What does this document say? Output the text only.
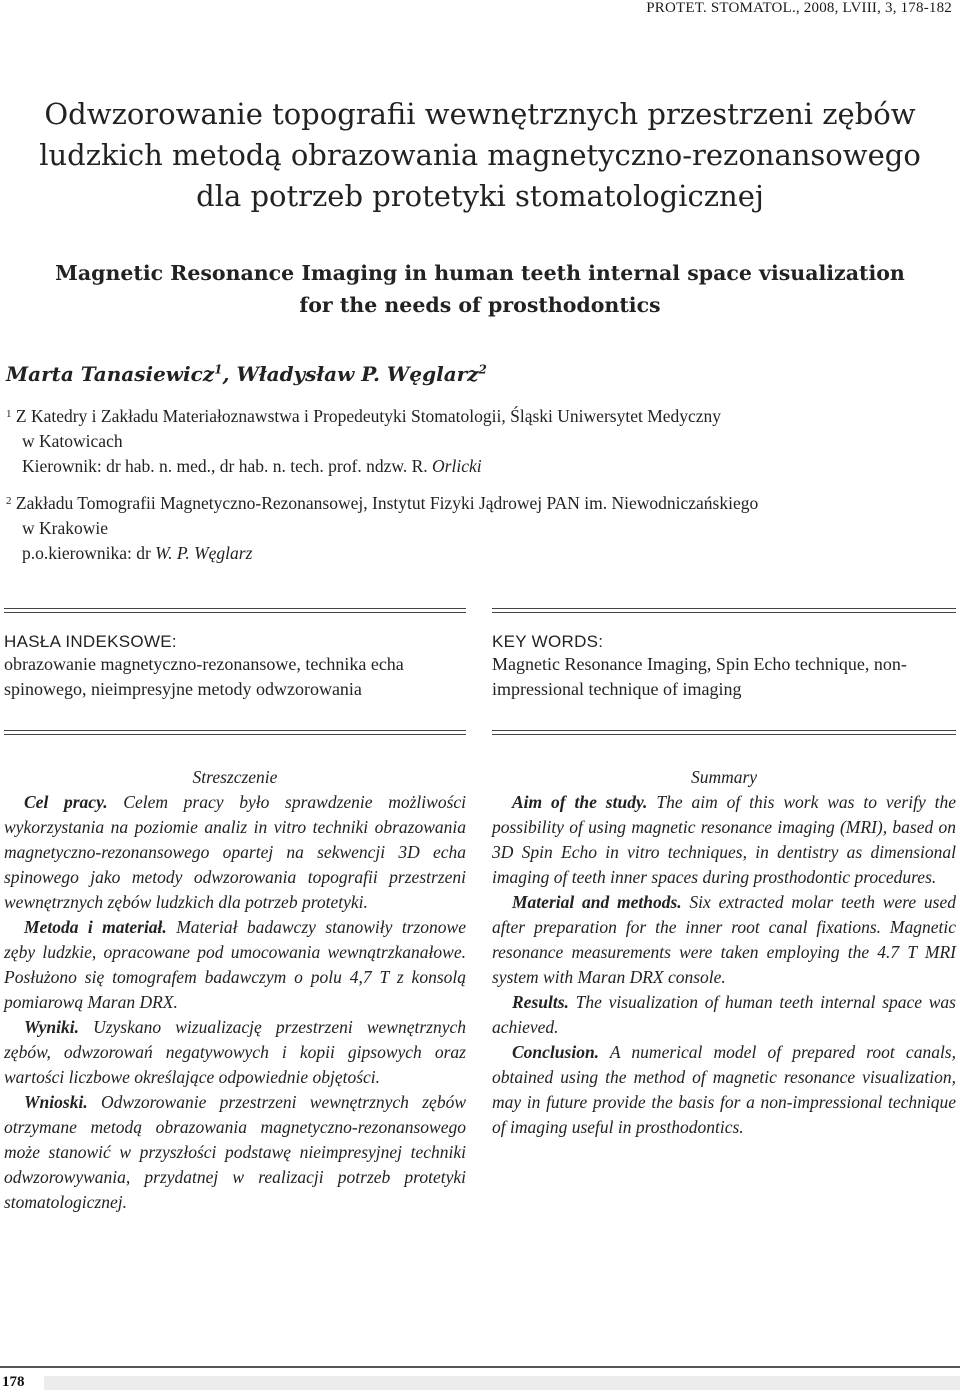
PROTET. STOMATOL., 2008, LVIII, 3, 178-182
Odwzorowanie topografii wewnętrznych przestrzeni zębów
ludzkich metodą obrazowania magnetyczno-rezonansowego
dla potrzeb protetyki stomatologicznej
Magnetic Resonance Imaging in human teeth internal space visualization
for the needs of prosthodontics
Marta Tanasiewicz$^1$, Władysław P. Węglarz$^2$
$^1$ Z Katedry i Zakładu Materiałoznawstwa i Propedeutyki Stomatologii, Śląski Uniwersytet Medyczny
w Katowicach
Kierownik: dr hab. n. med., dr hab. n. tech. prof. ndzw. R. Orlicki
$^2$ Zakładu Tomografii Magnetyczno-Rezonansowej, Instytut Fizyki Jądrowej PAN im. Niewodniczańskiego
w Krakowie
p.o.kierownika: dr W. P. Węglarz
HASŁA INDEKSOWE:
obrazowanie magnetyczno-rezonansowe, technika echa spinowego, nieimpresyjne metody odwzorowania
KEY WORDS:
Magnetic Resonance Imaging, Spin Echo technique, non-impressional technique of imaging

Streszczenie

Cel pracy. Celem pracy było sprawdzenie możliwości wykorzystania na poziomie analiz in vitro techniki obrazowania magnetyczno-rezonansowego opartej na sekwencji 3D echa spinowego jako metody odwzorowania topografii przestrzeni wewnętrznych zębów ludzkich dla potrzeb protetyki.

Metoda i materiał. Materiał badawczy stanowiły trzonowe zęby ludzkie, opracowane pod umocowania wewnątrzkanałowe. Posłużono się tomografem badawczym o polu 4,7 T z konsolą pomiarową Maran DRX.

Wyniki. Uzyskano wizualizację przestrzeni wewnętrznych zębów, odwzorowań negatywowych i kopii gipsowych oraz wartości liczbowe określające odpowiednie objętości.

Wnioski. Odwzorowanie przestrzeni wewnętrznych zębów otrzymane metodą obrazowania magnetyczno-rezonansowego może stanowić w przyszłości podstawę nieimpresyjnej techniki odwzorowywania, przydatnej w realizacji potrzeb protetyki stomatologicznej.

Summary

Aim of the study. The aim of this work was to verify the possibility of using magnetic resonance imaging (MRI), based on 3D Spin Echo in vitro techniques, in dentistry as dimensional imaging of teeth inner spaces during prosthodontic procedures.

Material and methods. Six extracted molar teeth were used after preparation for the inner root canal fixations. Magnetic resonance measurements were taken employing the 4.7 T MRI system with Maran DRX console.

Results. The visualization of human teeth internal space was achieved.

Conclusion. A numerical model of prepared root canals, obtained using the method of magnetic resonance visualization, may in future provide the basis for a non-impressional technique of imaging useful in prosthodontics.

178
